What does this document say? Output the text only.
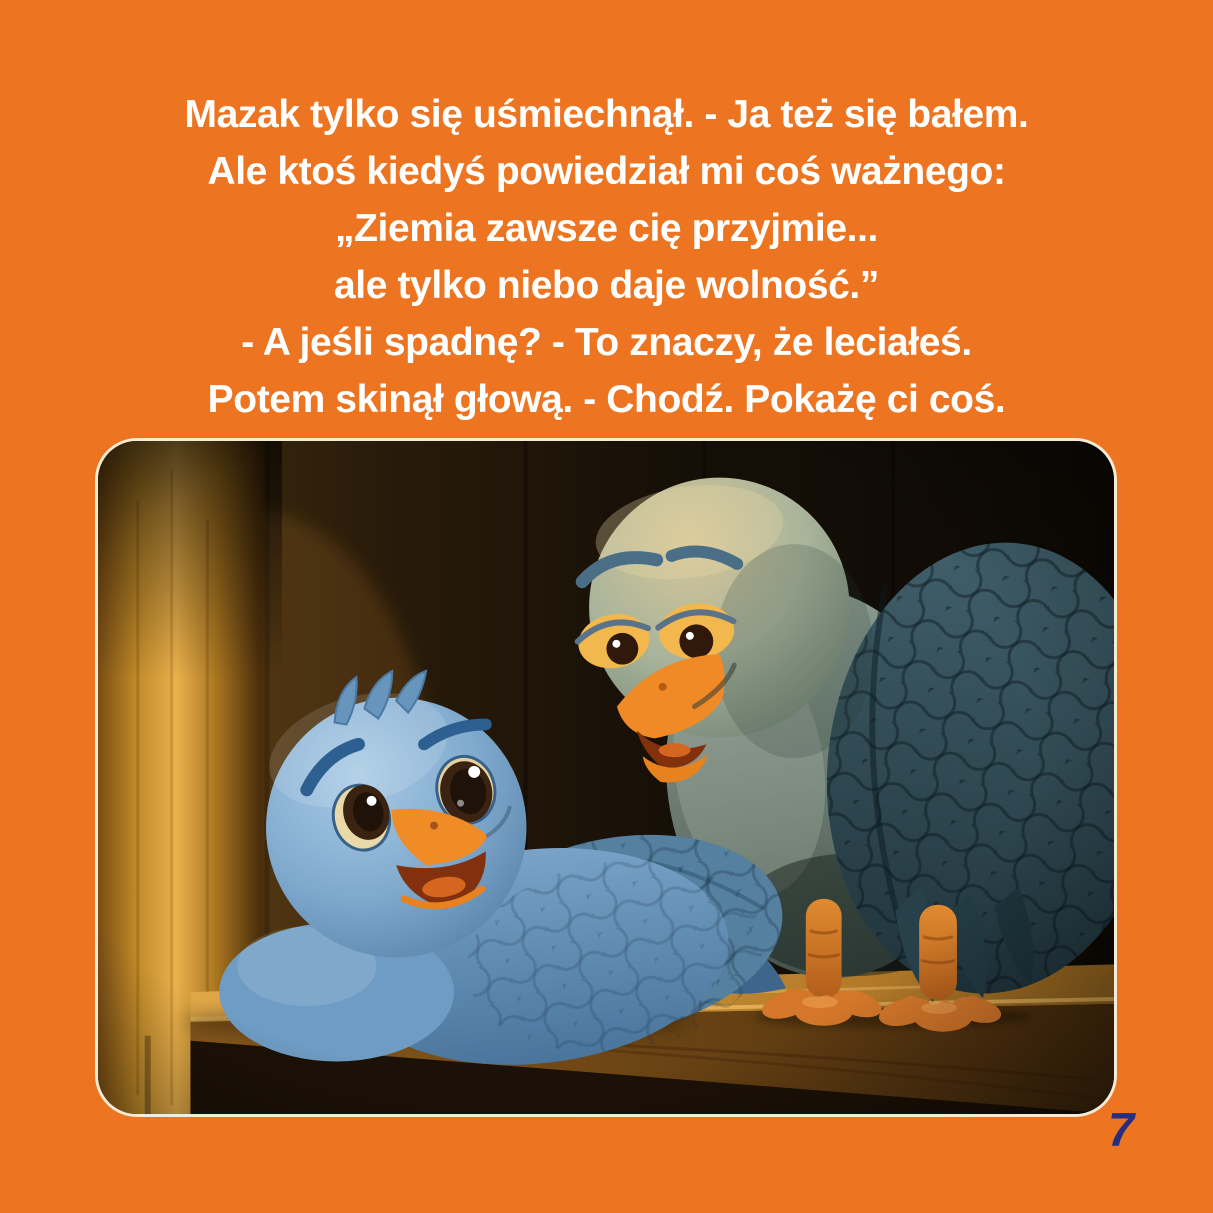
Mazak tylko się uśmiechnął. - Ja też się bałem.
Ale ktoś kiedyś powiedział mi coś ważnego:
„Ziemia zawsze cię przyjmie...
ale tylko niebo daje wolność.”
- A jeśli spadnę? - To znaczy, że leciałeś.
Potem skinął głową. - Chodź. Pokażę ci coś.
7
